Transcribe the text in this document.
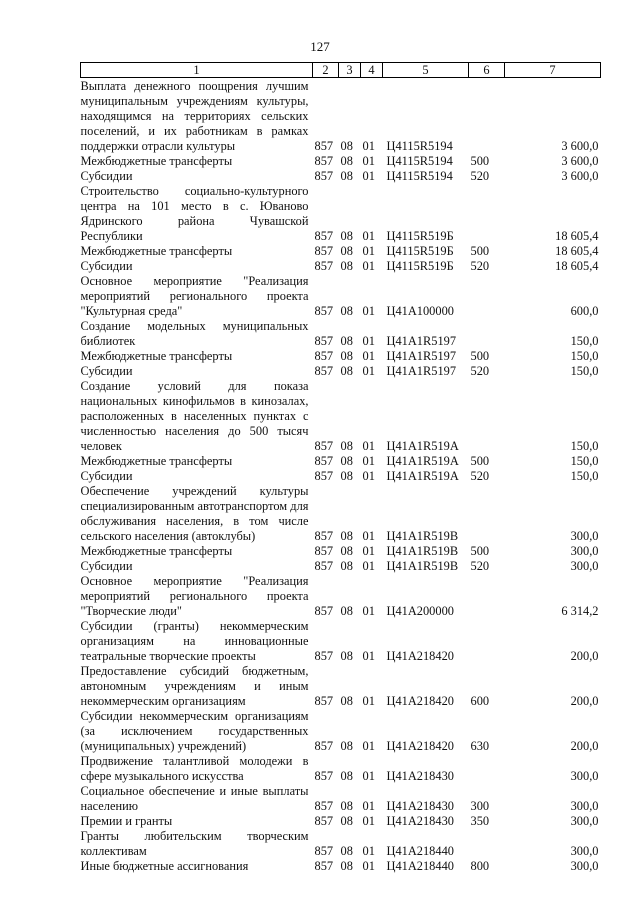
127
1	2	3	4	5	6	7
Выплата денежного поощрения лучшим муниципальным учреждениям культуры, находящимся на территориях сельских поселений, и их работникам в рамках поддержки отрасли культуры	857	08	01	Ц4115R5194		3 600,0
Межбюджетные трансферты	857	08	01	Ц4115R5194	500	3 600,0
Субсидии	857	08	01	Ц4115R5194	520	3 600,0
Строительство социально-культурного центра на 101 место в с. Юваново Ядринского района Чувашской Республики	857	08	01	Ц4115R519Б		18 605,4
Межбюджетные трансферты	857	08	01	Ц4115R519Б	500	18 605,4
Субсидии	857	08	01	Ц4115R519Б	520	18 605,4
Основное мероприятие "Реализация мероприятий регионального проекта "Культурная среда"	857	08	01	Ц41А100000		600,0
Создание модельных муниципальных библиотек	857	08	01	Ц41А1R5197		150,0
Межбюджетные трансферты	857	08	01	Ц41А1R5197	500	150,0
Субсидии	857	08	01	Ц41А1R5197	520	150,0
Создание условий для показа национальных кинофильмов в кинозалах, расположенных в населенных пунктах с численностью населения до 500 тысяч человек	857	08	01	Ц41А1R519А		150,0
Межбюджетные трансферты	857	08	01	Ц41А1R519А	500	150,0
Субсидии	857	08	01	Ц41А1R519А	520	150,0
Обеспечение учреждений культуры специализированным автотранспортом для обслуживания населения, в том числе сельского населения (автоклубы)	857	08	01	Ц41А1R519В		300,0
Межбюджетные трансферты	857	08	01	Ц41А1R519В	500	300,0
Субсидии	857	08	01	Ц41А1R519В	520	300,0
Основное мероприятие "Реализация мероприятий регионального проекта "Творческие люди"	857	08	01	Ц41А200000		6 314,2
Субсидии (гранты) некоммерческим организациям на инновационные театральные творческие проекты	857	08	01	Ц41А218420		200,0
Предоставление субсидий бюджетным, автономным учреждениям и иным некоммерческим организациям	857	08	01	Ц41А218420	600	200,0
Субсидии некоммерческим организациям (за исключением государственных (муниципальных) учреждений)	857	08	01	Ц41А218420	630	200,0
Продвижение талантливой молодежи в сфере музыкального искусства	857	08	01	Ц41А218430		300,0
Социальное обеспечение и иные выплаты населению	857	08	01	Ц41А218430	300	300,0
Премии и гранты	857	08	01	Ц41А218430	350	300,0
Гранты любительским творческим коллективам	857	08	01	Ц41А218440		300,0
Иные бюджетные ассигнования	857	08	01	Ц41А218440	800	300,0
